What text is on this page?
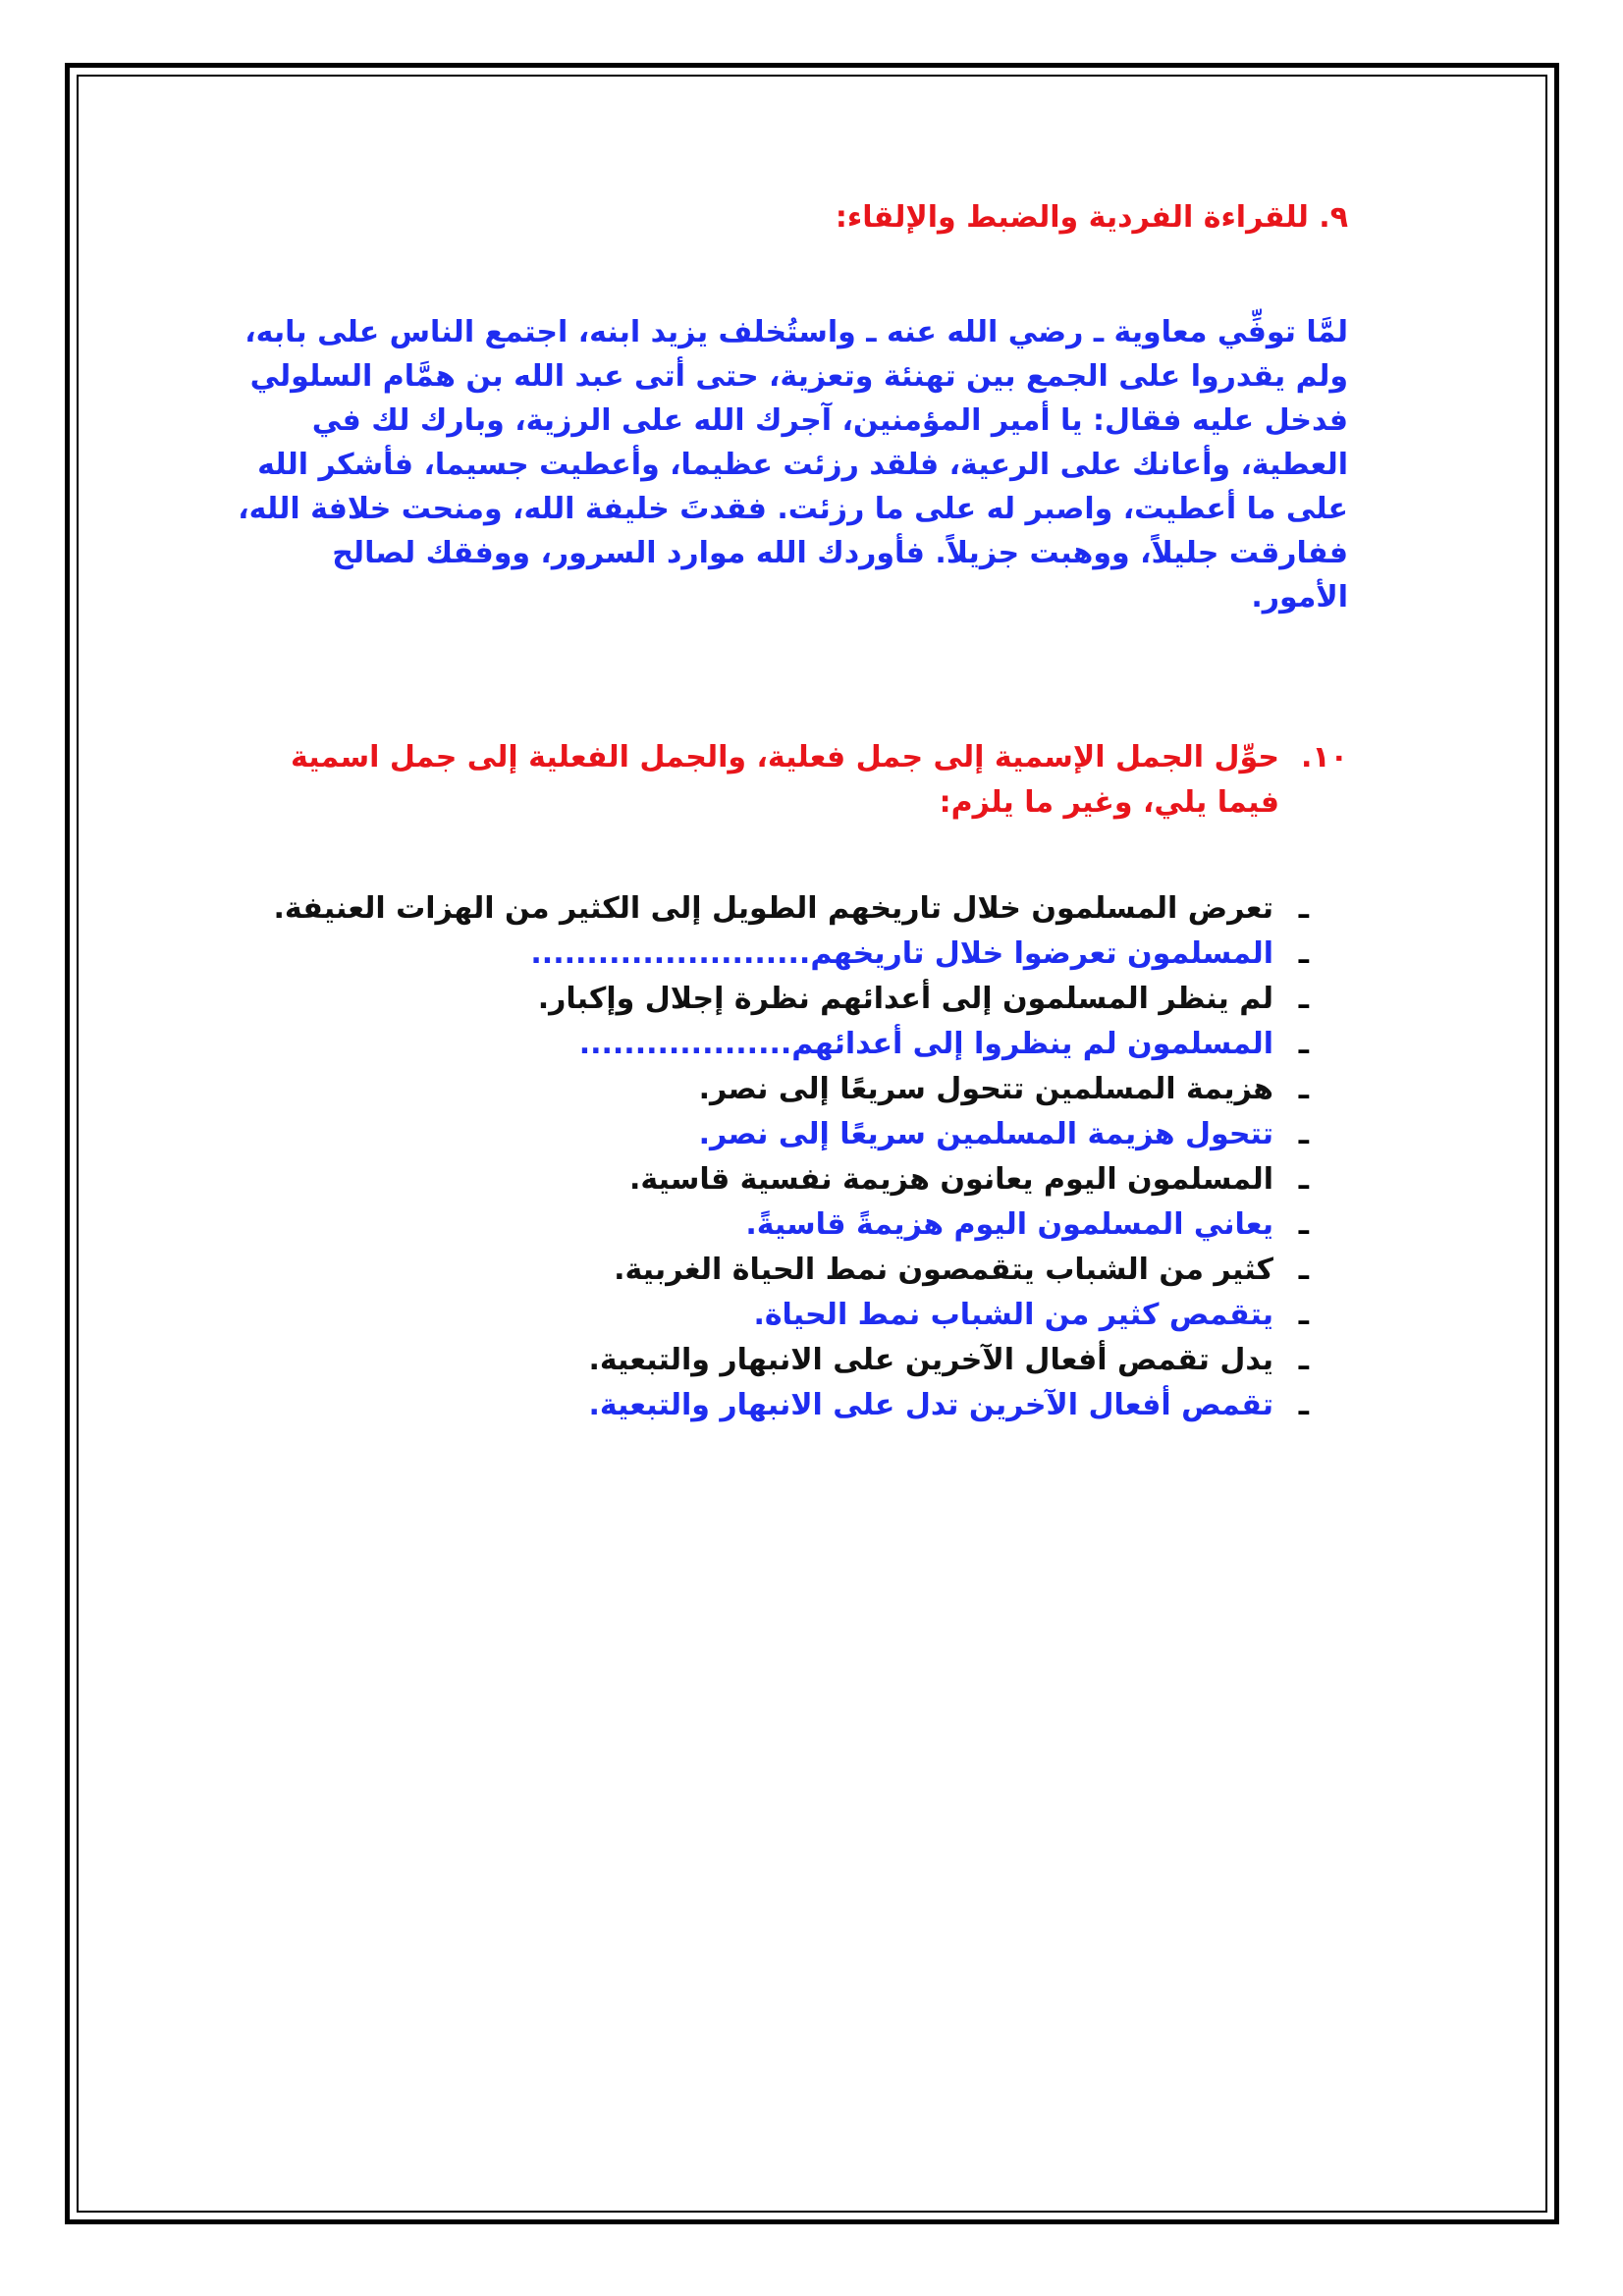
٩. للقراءة الفردية والضبط والإلقاء:

لمَّا توفِّي معاوية ـ رضي الله عنه ـ واستُخلف يزيد ابنه، اجتمع الناس على بابه، ولم يقدروا على الجمع بين تهنئة وتعزية، حتى أتى عبد الله بن همَّام السلولي فدخل عليه فقال: يا أمير المؤمنين، آجرك الله على الرزية، وبارك لك في العطية، وأعانك على الرعية، فلقد رزئت عظيما، وأعطيت جسيما، فأشكر الله على ما أعطيت، واصبر له على ما رزئت. فقدتَ خليفة الله، ومنحت خلافة الله، ففارقت جليلاً، ووهبت جزيلاً. فأوردك الله موارد السرور، ووفقك لصالح الأمور.

١٠.
حوِّل الجمل الإسمية إلى جمل فعلية، والجمل الفعلية إلى جمل اسمية فيما يلي، وغير ما يلزم:
ـ
تعرض المسلمون خلال تاريخهم الطويل إلى الكثير من الهزات العنيفة.
ـ
المسلمون تعرضوا خلال تاريخهم.........................
ـ
لم ينظر المسلمون إلى أعدائهم نظرة إجلال وإكبار.
ـ
المسلمون لم ينظروا إلى أعدائهم...................
ـ
هزيمة المسلمين تتحول سريعًا إلى نصر.
ـ
تتحول هزيمة المسلمين سريعًا إلى نصر.
ـ
المسلمون اليوم يعانون هزيمة نفسية قاسية.
ـ
يعاني المسلمون اليوم هزيمةً قاسيةً.
ـ
كثير من الشباب يتقمصون نمط الحياة الغربية.
ـ
يتقمص كثير من الشباب نمط الحياة.
ـ
يدل تقمص أفعال الآخرين على الانبهار والتبعية.
ـ
تقمص أفعال الآخرين تدل على الانبهار والتبعية.
